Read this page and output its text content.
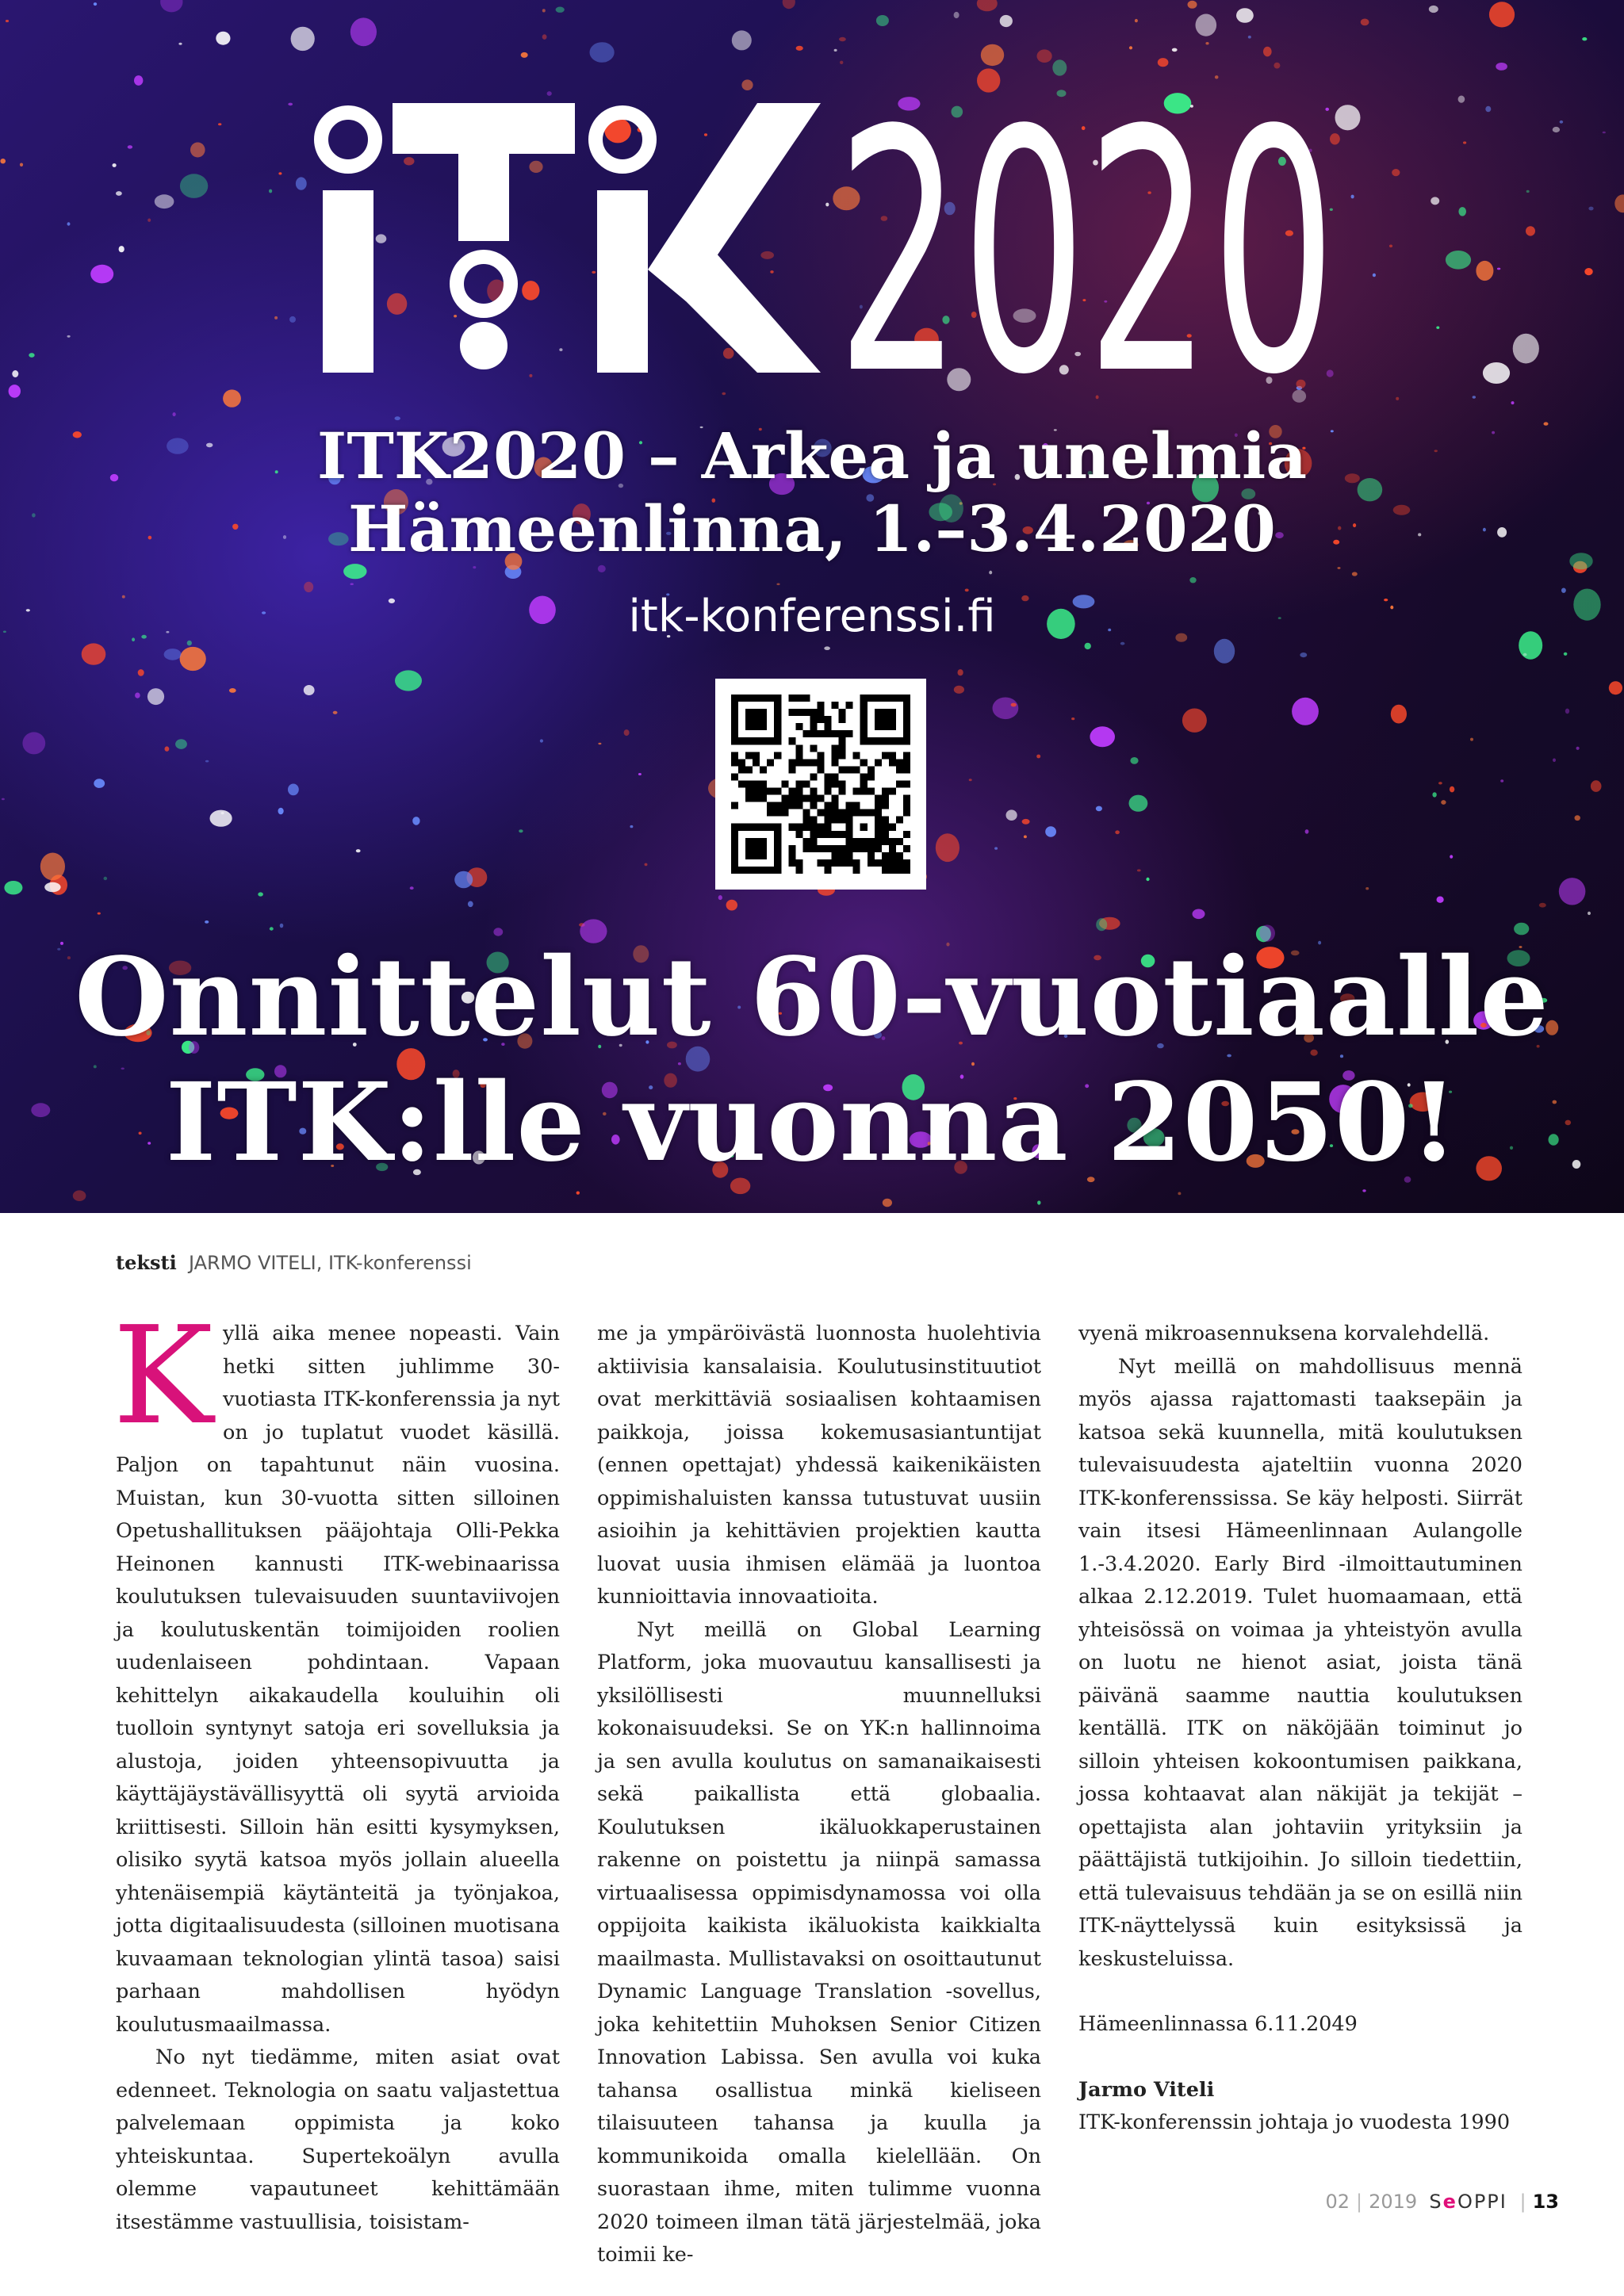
2020

ITK2020 – Arkea ja unelmia

Hämeenlinna, 1.–3.4.2020

itk-konferenssi.fi

Onnittelut 60-vuotiaalle

ITK:lle vuonna 2050!

teksti JARMO VITELI, ITK-konferenssi
K yllä aika menee nopeasti. Vain hetki sitten juhlimme 30-vuotiasta ITK-konferenssia ja nyt on jo tuplatut vuodet käsillä. Paljon on tapahtunut näin vuosina. Muistan, kun 30-vuotta sitten silloinen Opetushallituksen pääjohtaja Olli-Pekka Heinonen kannusti ITK-webinaarissa koulutuksen tulevaisuuden suuntaviivojen ja koulutuskentän toimijoiden roolien uudenlaiseen pohdintaan. Vapaan kehittelyn aikakaudella kouluihin oli tuolloin syntynyt satoja eri sovelluksia ja alustoja, joiden yhteensopivuutta ja käyttäjäystävällisyyttä oli syytä arvioida kriittisesti. Silloin hän esitti kysymyksen, olisiko syytä katsoa myös jollain alueella yhtenäisempiä käytänteitä ja työnjakoa, jotta digitaalisuudesta (silloinen muotisana kuvaamaan teknologian ylintä tasoa) saisi parhaan mahdollisen hyödyn koulutusmaailmassa.

No nyt tiedämme, miten asiat ovat edenneet. Teknologia on saatu valjastettua palvelemaan oppimista ja koko yhteiskuntaa. Supertekoälyn avulla olemme vapautuneet kehittämään itsestämme vastuullisia, toisistam-

me ja ympäröivästä luonnosta huolehtivia aktiivisia kansalaisia. Koulutusinstituutiot ovat merkittäviä sosiaalisen kohtaamisen paikkoja, joissa kokemusasiantuntijat (ennen opettajat) yhdessä kaikenikäisten oppimishaluisten kanssa tutustuvat uusiin asioihin ja kehittävien projektien kautta luovat uusia ihmisen elämää ja luontoa kunnioittavia innovaatioita.

Nyt meillä on Global Learning Platform, joka muovautuu kansallisesti ja yksilöllisesti muunnelluksi kokonaisuudeksi. Se on YK:n hallinnoima ja sen avulla koulutus on samanaikaisesti sekä paikallista että globaalia. Koulutuksen ikäluokkaperustainen rakenne on poistettu ja niinpä samassa virtuaalisessa oppimisdynamossa voi olla oppijoita kaikista ikäluokista kaikkialta maailmasta. Mullistavaksi on osoittautunut Dynamic Language Translation -sovellus, joka kehitettiin Muhoksen Senior Citizen Innovation Labissa. Sen avulla voi kuka tahansa osallistua minkä kieliseen tilaisuuteen tahansa ja kuulla ja kommunikoida omalla kielellään. On suorastaan ihme, miten tulimme vuonna 2020 toimeen ilman tätä järjestelmää, joka toimii ke-

vyenä mikroasennuksena korvalehdellä.

Nyt meillä on mahdollisuus mennä myös ajassa rajattomasti taaksepäin ja katsoa sekä kuunnella, mitä koulutuksen tulevaisuudesta ajateltiin vuonna 2020 ITK-konferenssissa. Se käy helposti. Siirrät vain itsesi Hämeenlinnaan Aulangolle 1.-3.4.2020. Early Bird -ilmoittautuminen alkaa 2.12.2019. Tulet huomaamaan, että yhteisössä on voimaa ja yhteistyön avulla on luotu ne hienot asiat, joista tänä päivänä saamme nauttia koulutuksen kentällä. ITK on näköjään toiminut jo silloin yhteisen kokoontumisen paikkana, jossa kohtaavat alan näkijät ja tekijät – opettajista alan johtaviin yrityksiin ja päättäjistä tutkijoihin. Jo silloin tiedettiin, että tulevaisuus tehdään ja se on esillä niin ITK-näyttelyssä kuin esityksissä ja keskusteluissa.

Hämeenlinnassa 6.11.2049

Jarmo Viteli

ITK-konferenssin johtaja jo vuodesta 1990

02 | 2019 SeOPPI | 13
